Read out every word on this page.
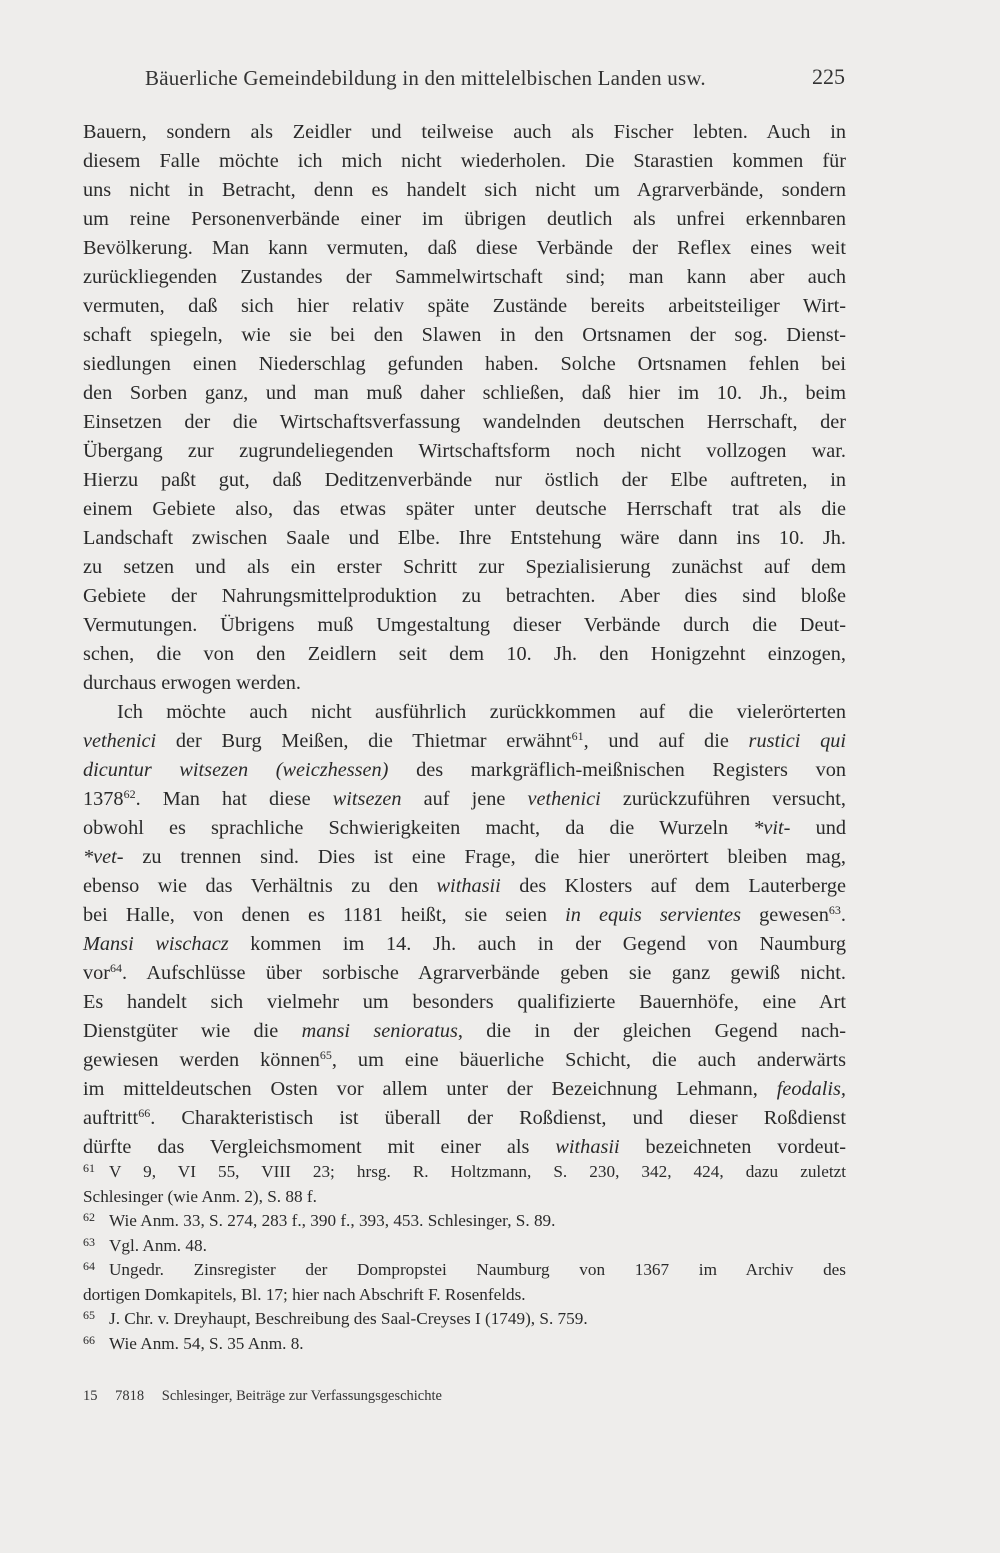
Bäuerliche Gemeindebildung in den mittelelbischen Landen usw.	225
Bauern, sondern als Zeidler und teilweise auch als Fischer lebten. Auch in
diesem Falle möchte ich mich nicht wiederholen. Die Starastien kommen für
uns nicht in Betracht, denn es handelt sich nicht um Agrarverbände, sondern
um reine Personenverbände einer im übrigen deutlich als unfrei erkennbaren
Bevölkerung. Man kann vermuten, daß diese Verbände der Reflex eines weit
zurückliegenden Zustandes der Sammelwirtschaft sind; man kann aber auch
vermuten, daß sich hier relativ späte Zustände bereits arbeitsteiliger Wirt-
schaft spiegeln, wie sie bei den Slawen in den Ortsnamen der sog. Dienst-
siedlungen einen Niederschlag gefunden haben. Solche Ortsnamen fehlen bei
den Sorben ganz, und man muß daher schließen, daß hier im 10. Jh., beim
Einsetzen der die Wirtschaftsverfassung wandelnden deutschen Herrschaft, der
Übergang zur zugrundeliegenden Wirtschaftsform noch nicht vollzogen war.
Hierzu paßt gut, daß Deditzenverbände nur östlich der Elbe auftreten, in
einem Gebiete also, das etwas später unter deutsche Herrschaft trat als die
Landschaft zwischen Saale und Elbe. Ihre Entstehung wäre dann ins 10. Jh.
zu setzen und als ein erster Schritt zur Spezialisierung zunächst auf dem
Gebiete der Nahrungsmittelproduktion zu betrachten. Aber dies sind bloße
Vermutungen. Übrigens muß Umgestaltung dieser Verbände durch die Deut-
schen, die von den Zeidlern seit dem 10. Jh. den Honigzehnt einzogen,
durchaus erwogen werden.
Ich möchte auch nicht ausführlich zurückkommen auf die vielerörterten
vethenici der Burg Meißen, die Thietmar erwähnt$^{61}$, und auf die rustici qui
dicuntur witsezen (weiczhessen) des markgräflich-meißnischen Registers von
1378$^{62}$. Man hat diese witsezen auf jene vethenici zurückzuführen versucht,
obwohl es sprachliche Schwierigkeiten macht, da die Wurzeln *vit- und
*vet- zu trennen sind. Dies ist eine Frage, die hier unerörtert bleiben mag,
ebenso wie das Verhältnis zu den withasii des Klosters auf dem Lauterberge
bei Halle, von denen es 1181 heißt, sie seien in equis servientes gewesen$^{63}$.
Mansi wischacz kommen im 14. Jh. auch in der Gegend von Naumburg
vor$^{64}$. Aufschlüsse über sorbische Agrarverbände geben sie ganz gewiß nicht.
Es handelt sich vielmehr um besonders qualifizierte Bauernhöfe, eine Art
Dienstgüter wie die mansi senioratus, die in der gleichen Gegend nach-
gewiesen werden können$^{65}$, um eine bäuerliche Schicht, die auch anderwärts
im mitteldeutschen Osten vor allem unter der Bezeichnung Lehmann, feodalis,
auftritt$^{66}$. Charakteristisch ist überall der Roßdienst, und dieser Roßdienst
dürfte das Vergleichsmoment mit einer als withasii bezeichneten vordeut-
61 V 9, VI 55, VIII 23; hrsg. R. Holtzmann, S. 230, 342, 424, dazu zuletzt
Schlesinger (wie Anm. 2), S. 88 f.
62 Wie Anm. 33, S. 274, 283 f., 390 f., 393, 453. Schlesinger, S. 89.
63 Vgl. Anm. 48.
64 Ungedr. Zinsregister der Dompropstei Naumburg von 1367 im Archiv des
dortigen Domkapitels, Bl. 17; hier nach Abschrift F. Rosenfelds.
65 J. Chr. v. Dreyhaupt, Beschreibung des Saal-Creyses I (1749), S. 759.
66 Wie Anm. 54, S. 35 Anm. 8.
15 7818 Schlesinger, Beiträge zur Verfassungsgeschichte
